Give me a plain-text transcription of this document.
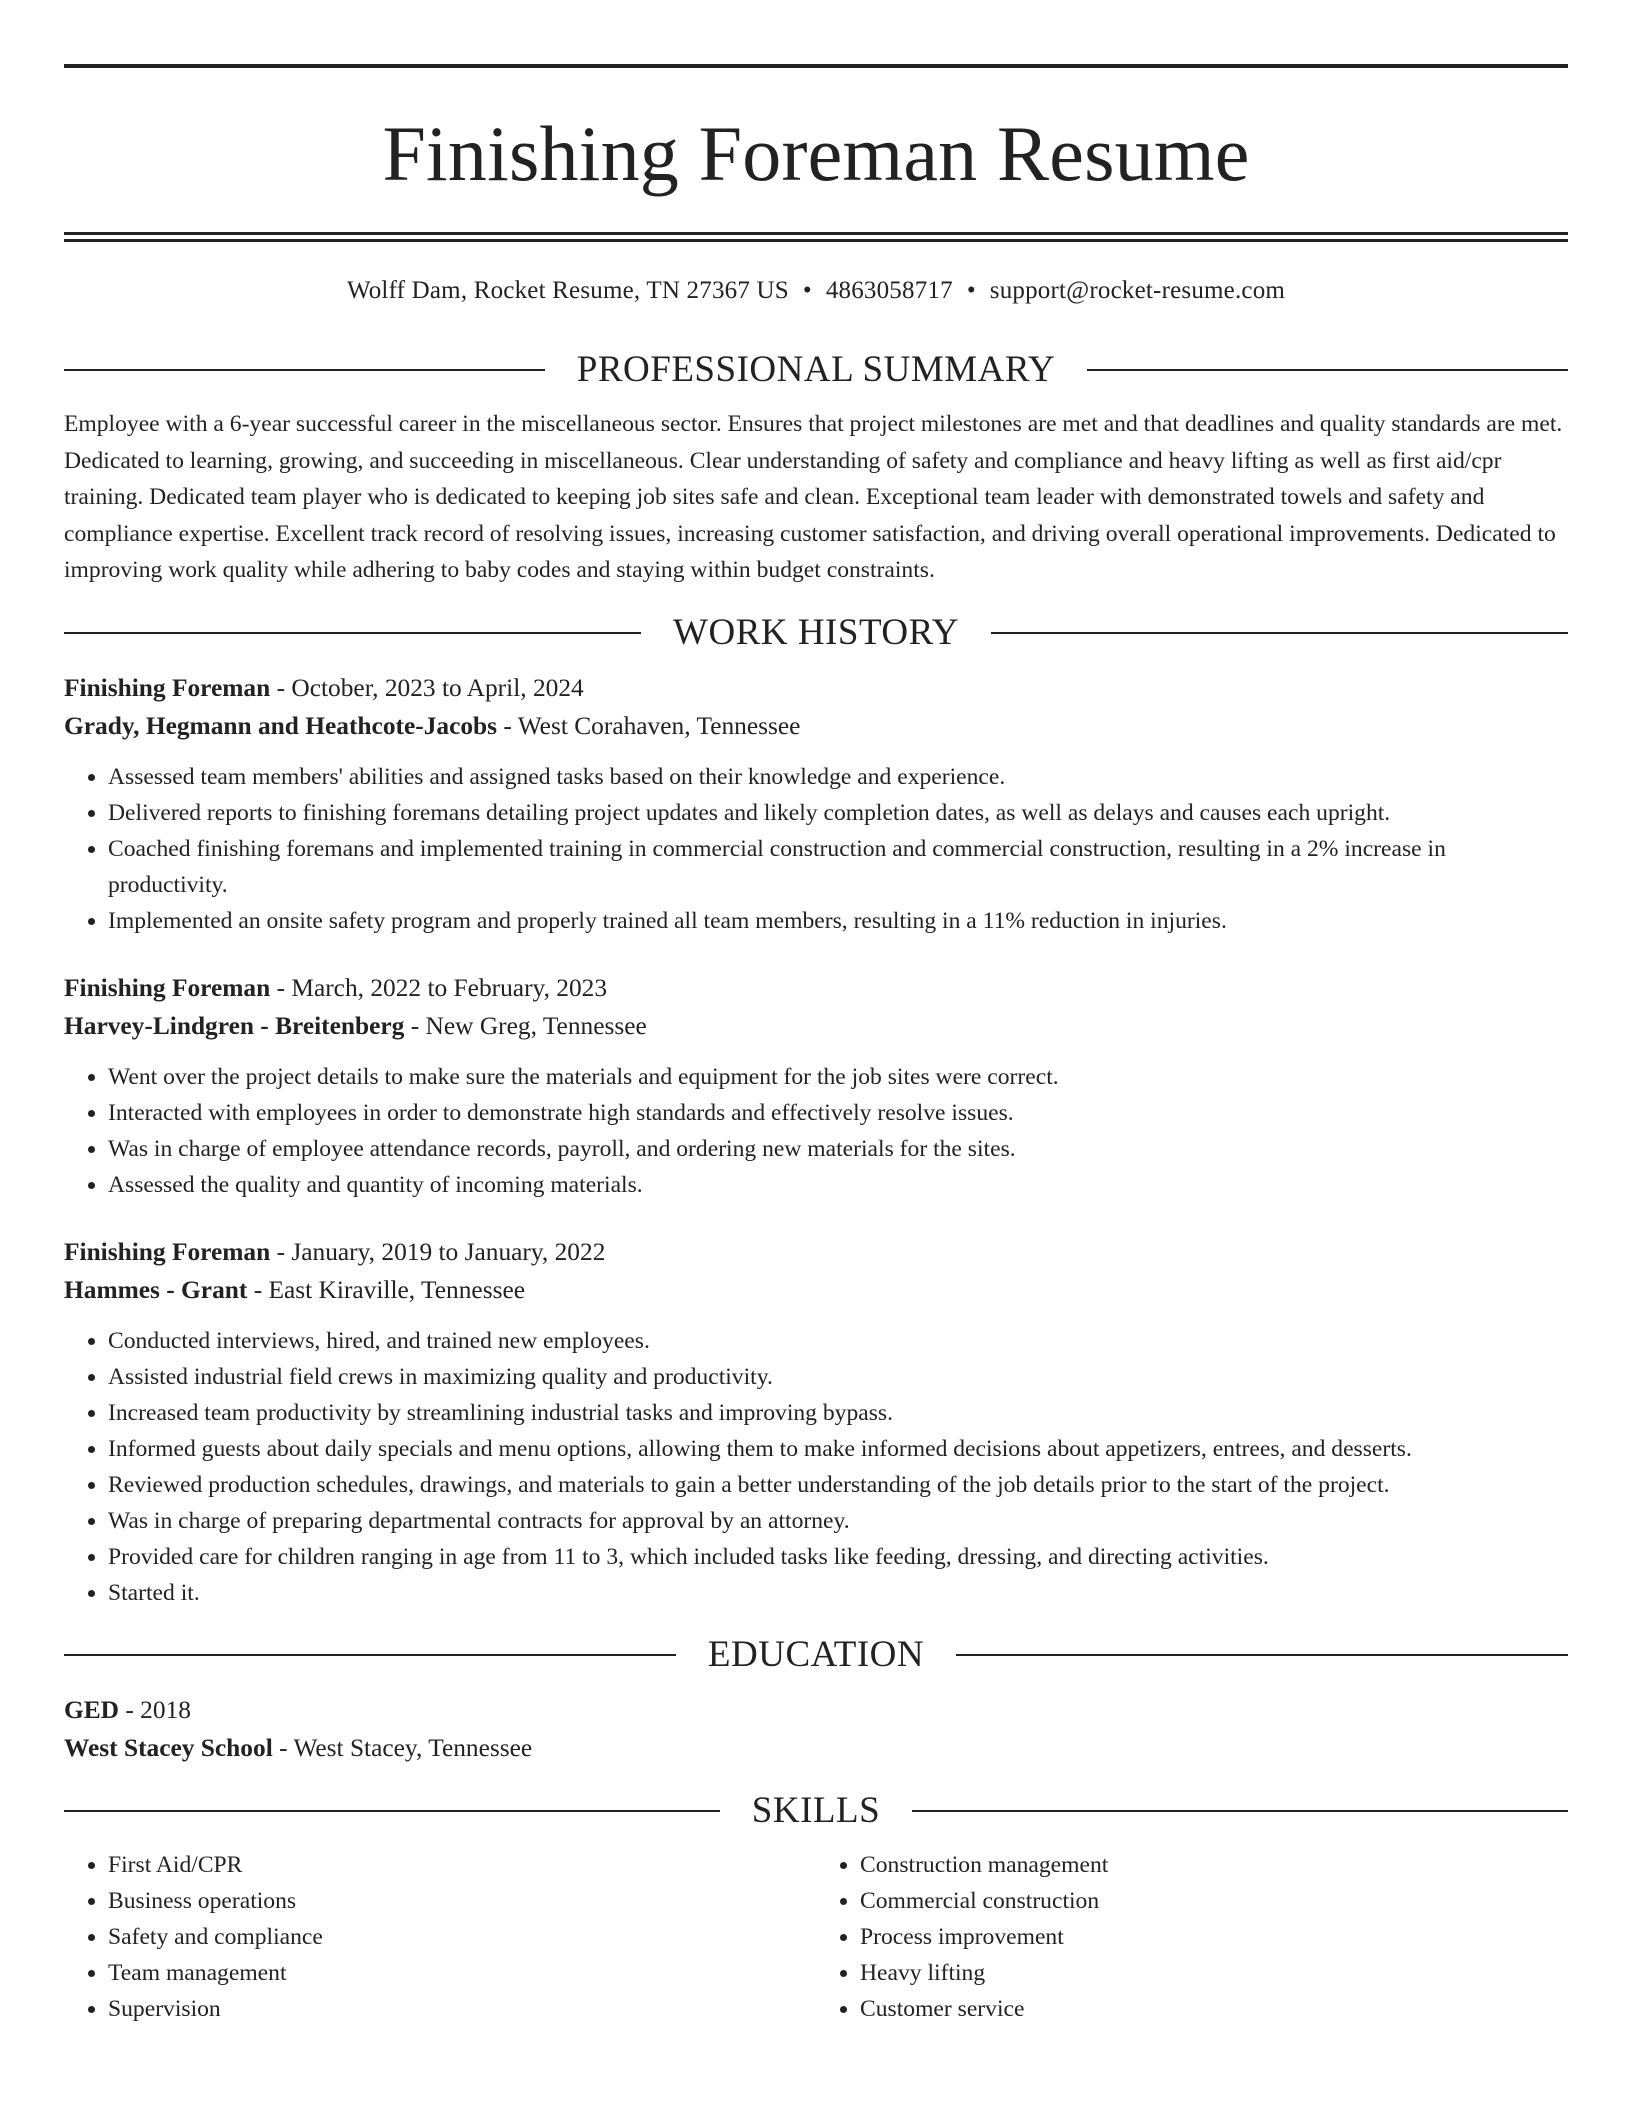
Finishing Foreman Resume
Wolff Dam, Rocket Resume, TN 27367 US • 4863058717 • support@rocket-resume.com
PROFESSIONAL SUMMARY

Employee with a 6-year successful career in the miscellaneous sector. Ensures that project milestones are met and that deadlines and quality standards are met. Dedicated to learning, growing, and succeeding in miscellaneous. Clear understanding of safety and compliance and heavy lifting as well as first aid/cpr training. Dedicated team player who is dedicated to keeping job sites safe and clean. Exceptional team leader with demonstrated towels and safety and compliance expertise. Excellent track record of resolving issues, increasing customer satisfaction, and driving overall operational improvements. Dedicated to improving work quality while adhering to baby codes and staying within budget constraints.

WORK HISTORY
Finishing Foreman - October, 2023 to April, 2024
Grady, Hegmann and Heathcote-Jacobs - West Corahaven, Tennessee
• Assessed team members' abilities and assigned tasks based on their knowledge and experience.
• Delivered reports to finishing foremans detailing project updates and likely completion dates, as well as delays and causes each upright.
• Coached finishing foremans and implemented training in commercial construction and commercial construction, resulting in a 2% increase in productivity.
• Implemented an onsite safety program and properly trained all team members, resulting in a 11% reduction in injuries.
Finishing Foreman - March, 2022 to February, 2023
Harvey-Lindgren - Breitenberg - New Greg, Tennessee
• Went over the project details to make sure the materials and equipment for the job sites were correct.
• Interacted with employees in order to demonstrate high standards and effectively resolve issues.
• Was in charge of employee attendance records, payroll, and ordering new materials for the sites.
• Assessed the quality and quantity of incoming materials.
Finishing Foreman - January, 2019 to January, 2022
Hammes - Grant - East Kiraville, Tennessee
• Conducted interviews, hired, and trained new employees.
• Assisted industrial field crews in maximizing quality and productivity.
• Increased team productivity by streamlining industrial tasks and improving bypass.
• Informed guests about daily specials and menu options, allowing them to make informed decisions about appetizers, entrees, and desserts.
• Reviewed production schedules, drawings, and materials to gain a better understanding of the job details prior to the start of the project.
• Was in charge of preparing departmental contracts for approval by an attorney.
• Provided care for children ranging in age from 11 to 3, which included tasks like feeding, dressing, and directing activities.
• Started it.
EDUCATION
GED - 2018
West Stacey School - West Stacey, Tennessee
SKILLS
• First Aid/CPR
• Business operations
• Safety and compliance
• Team management
• Supervision
• Construction management
• Commercial construction
• Process improvement
• Heavy lifting
• Customer service
